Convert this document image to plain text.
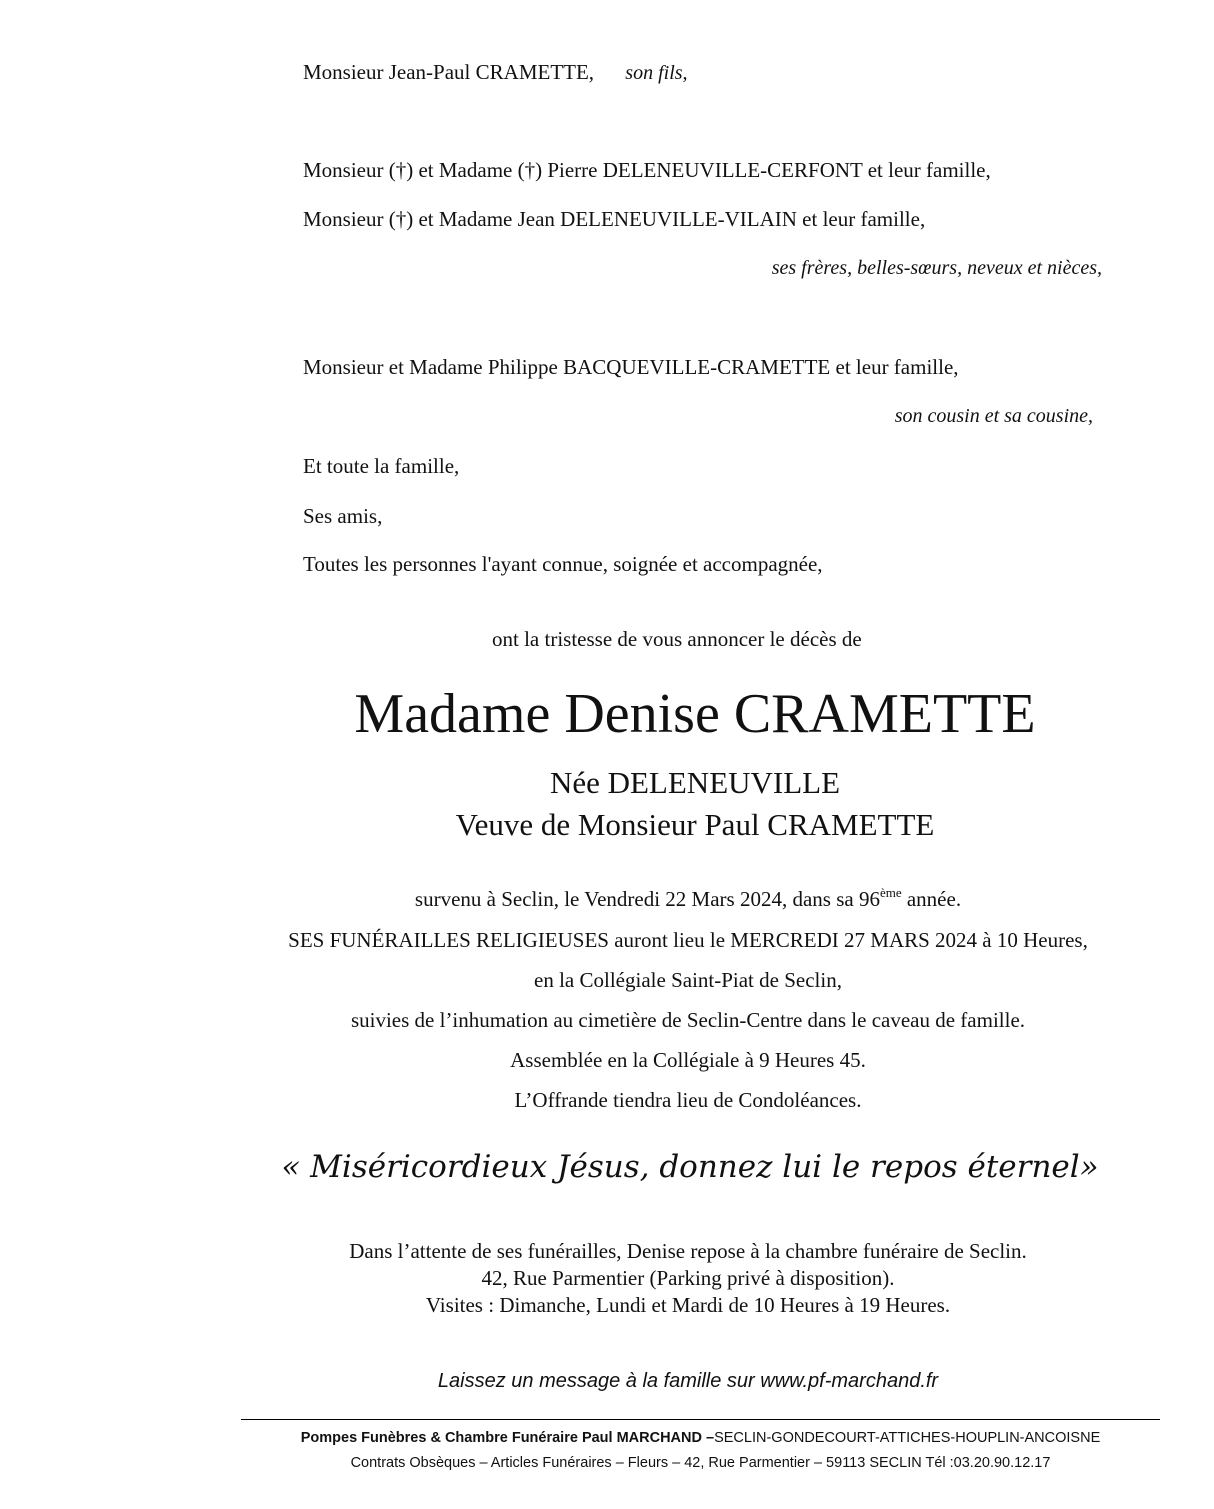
Monsieur Jean-Paul CRAMETTE, son fils,
Monsieur (†) et Madame (†) Pierre DELENEUVILLE-CERFONT et leur famille,
Monsieur (†) et Madame Jean DELENEUVILLE-VILAIN et leur famille,
ses frères, belles-sœurs, neveux et nièces,
Monsieur et Madame Philippe BACQUEVILLE-CRAMETTE et leur famille,
son cousin et sa cousine,
Et toute la famille,
Ses amis,
Toutes les personnes l'ayant connue, soignée et accompagnée,
ont la tristesse de vous annoncer le décès de
Madame Denise CRAMETTE
Née DELENEUVILLE
Veuve de Monsieur Paul CRAMETTE
survenu à Seclin, le Vendredi 22 Mars 2024, dans sa 96ème année.
SES FUNÉRAILLES RELIGIEUSES auront lieu le MERCREDI 27 MARS 2024 à 10 Heures,
en la Collégiale Saint-Piat de Seclin,
suivies de l’inhumation au cimetière de Seclin-Centre dans le caveau de famille.
Assemblée en la Collégiale à 9 Heures 45.
L’Offrande tiendra lieu de Condoléances.
« Miséricordieux Jésus, donnez lui le repos éternel»
Dans l’attente de ses funérailles, Denise repose à la chambre funéraire de Seclin.
42, Rue Parmentier (Parking privé à disposition).
Visites : Dimanche, Lundi et Mardi de 10 Heures à 19 Heures.
Laissez un message à la famille sur www.pf-marchand.fr
Pompes Funèbres & Chambre Funéraire Paul MARCHAND –SECLIN-GONDECOURT-ATTICHES-HOUPLIN-ANCOISNE
Contrats Obsèques – Articles Funéraires – Fleurs – 42, Rue Parmentier – 59113 SECLIN Tél :03.20.90.12.17
